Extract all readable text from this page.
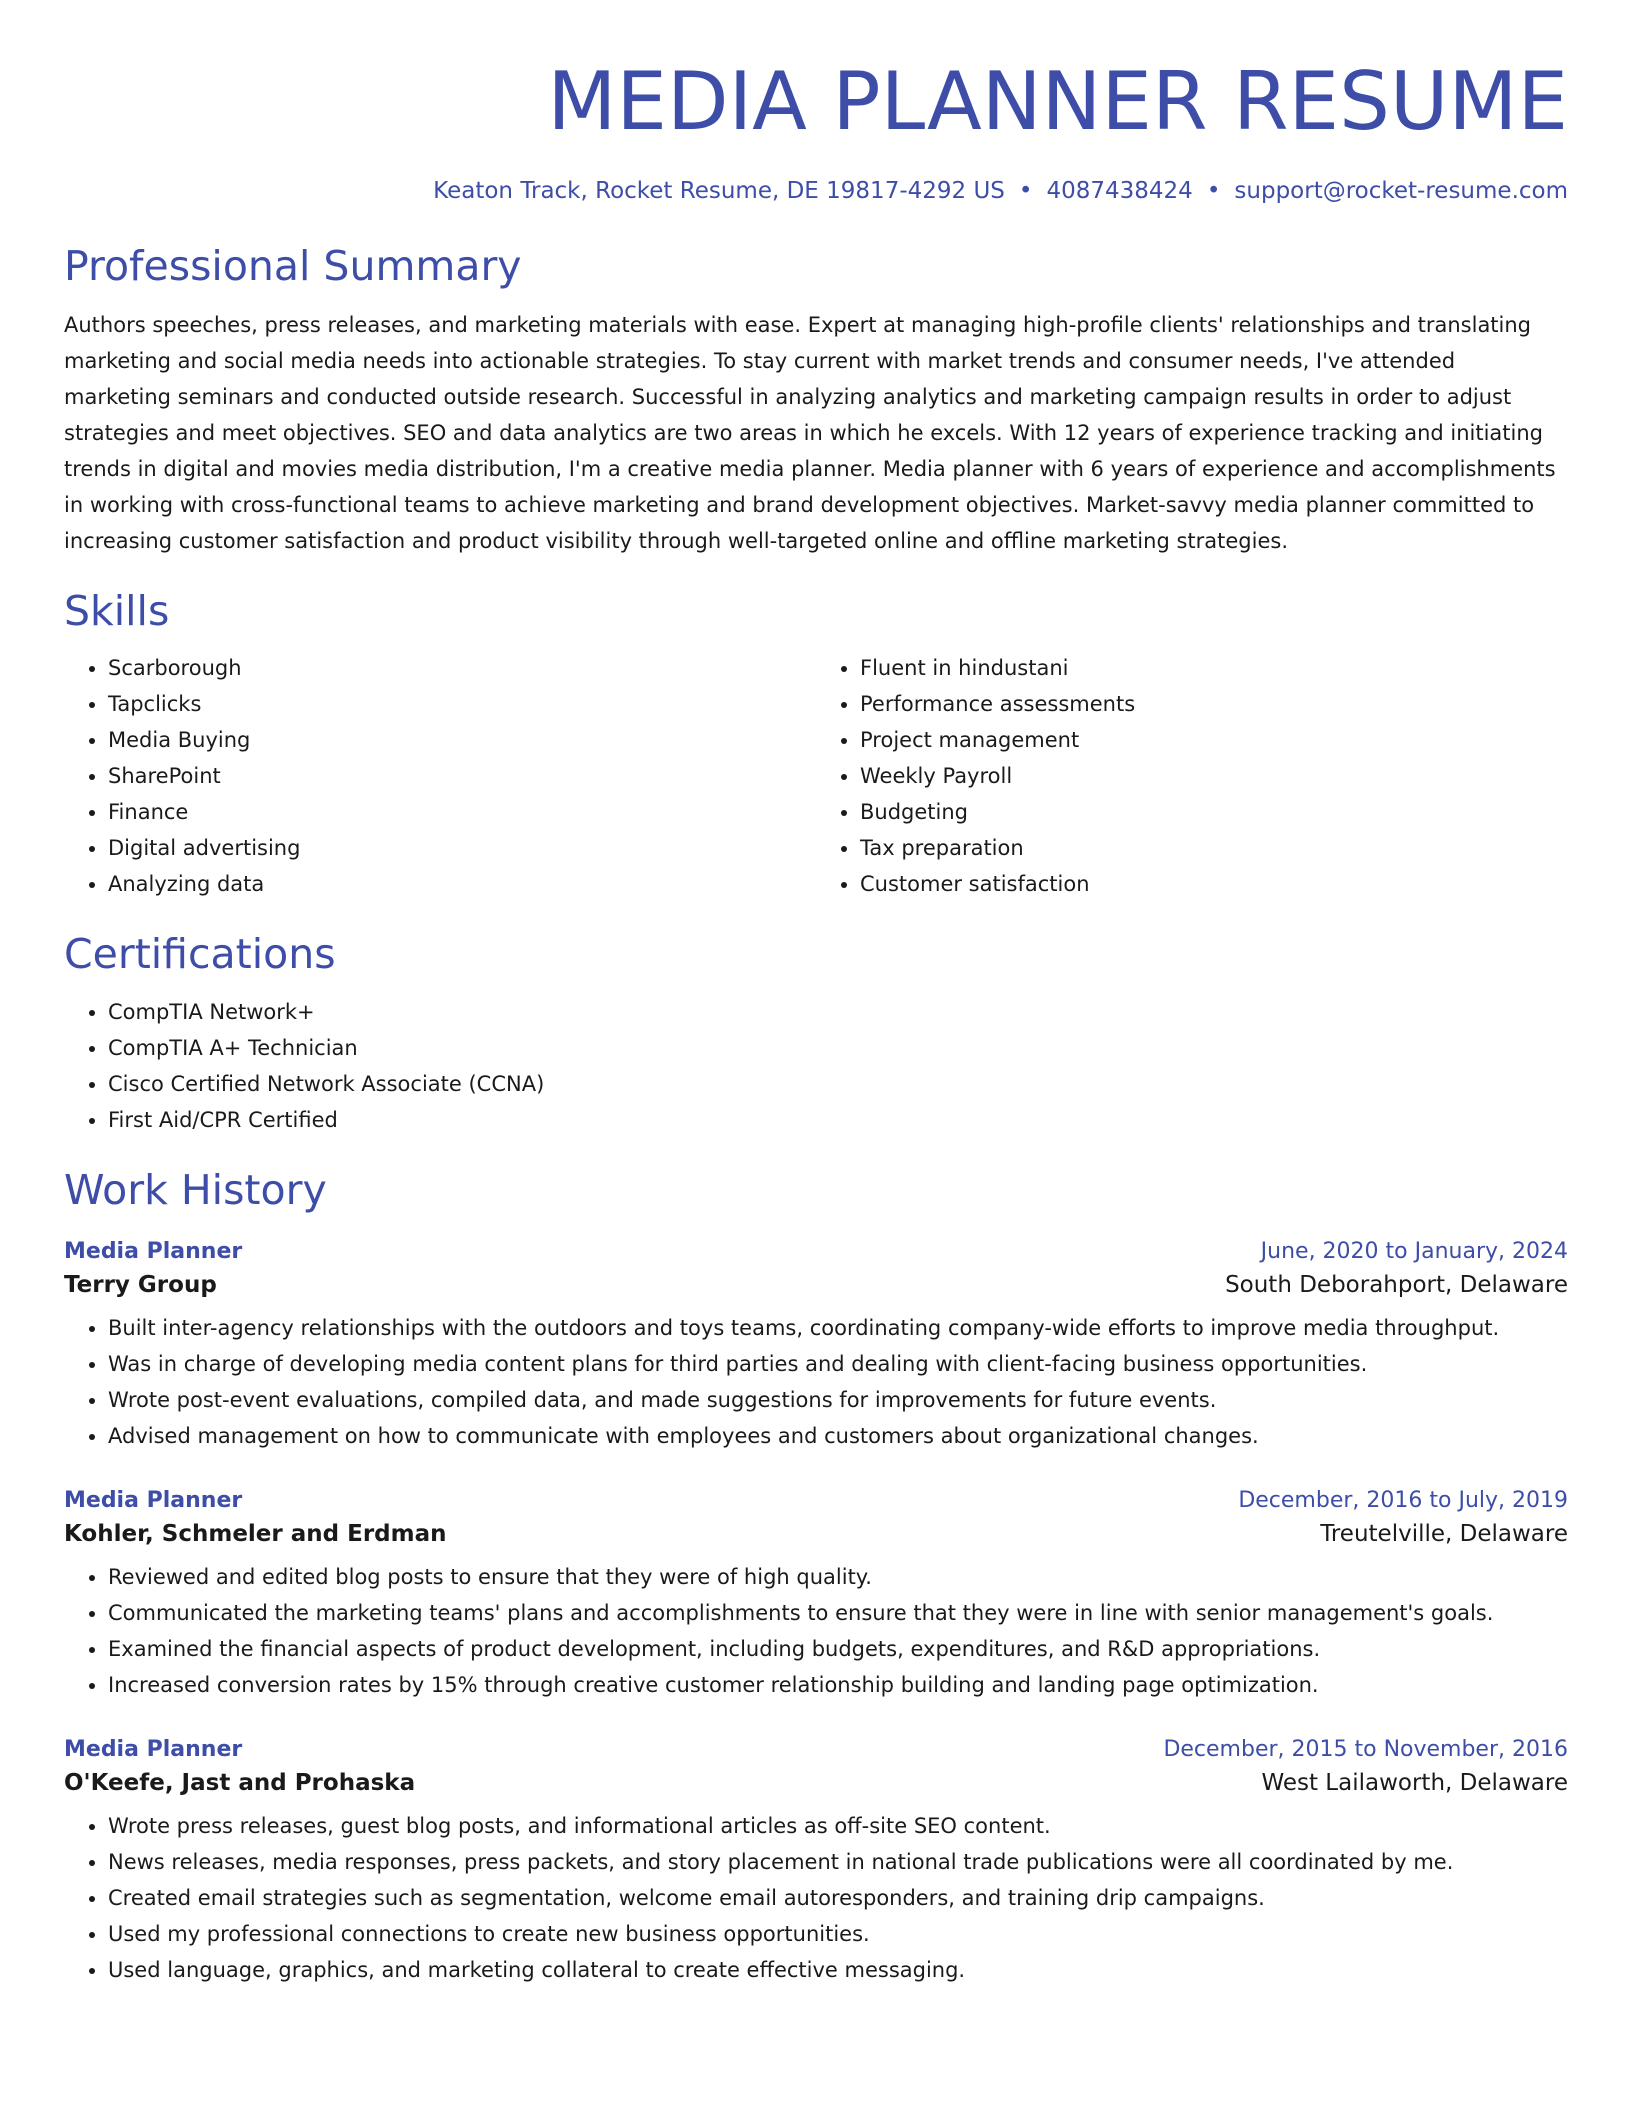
MEDIA PLANNER RESUME
Keaton Track, Rocket Resume, DE 19817-4292 US • 4087438424 • support@rocket-resume.com
Professional Summary
Authors speeches, press releases, and marketing materials with ease. Expert at managing high-profile clients' relationships and translating marketing and social media needs into actionable strategies. To stay current with market trends and consumer needs, I've attended marketing seminars and conducted outside research. Successful in analyzing analytics and marketing campaign results in order to adjust strategies and meet objectives. SEO and data analytics are two areas in which he excels. With 12 years of experience tracking and initiating trends in digital and movies media distribution, I'm a creative media planner. Media planner with 6 years of experience and accomplishments in working with cross-functional teams to achieve marketing and brand development objectives. Market-savvy media planner committed to increasing customer satisfaction and product visibility through well-targeted online and offline marketing strategies.
Skills
• Scarborough
• Tapclicks
• Media Buying
• SharePoint
• Finance
• Digital advertising
• Analyzing data
• Fluent in hindustani
• Performance assessments
• Project management
• Weekly Payroll
• Budgeting
• Tax preparation
• Customer satisfaction
Certifications
• CompTIA Network+
• CompTIA A+ Technician
• Cisco Certified Network Associate (CCNA)
• First Aid/CPR Certified
Work History
Media Planner	June, 2020 to January, 2024
Terry Group	South Deborahport, Delaware
• Built inter-agency relationships with the outdoors and toys teams, coordinating company-wide efforts to improve media throughput.
• Was in charge of developing media content plans for third parties and dealing with client-facing business opportunities.
• Wrote post-event evaluations, compiled data, and made suggestions for improvements for future events.
• Advised management on how to communicate with employees and customers about organizational changes.
Media Planner	December, 2016 to July, 2019
Kohler, Schmeler and Erdman	Treutelville, Delaware
• Reviewed and edited blog posts to ensure that they were of high quality.
• Communicated the marketing teams' plans and accomplishments to ensure that they were in line with senior management's goals.
• Examined the financial aspects of product development, including budgets, expenditures, and R&D appropriations.
• Increased conversion rates by 15% through creative customer relationship building and landing page optimization.
Media Planner	December, 2015 to November, 2016
O'Keefe, Jast and Prohaska	West Lailaworth, Delaware
• Wrote press releases, guest blog posts, and informational articles as off-site SEO content.
• News releases, media responses, press packets, and story placement in national trade publications were all coordinated by me.
• Created email strategies such as segmentation, welcome email autoresponders, and training drip campaigns.
• Used my professional connections to create new business opportunities.
• Used language, graphics, and marketing collateral to create effective messaging.
